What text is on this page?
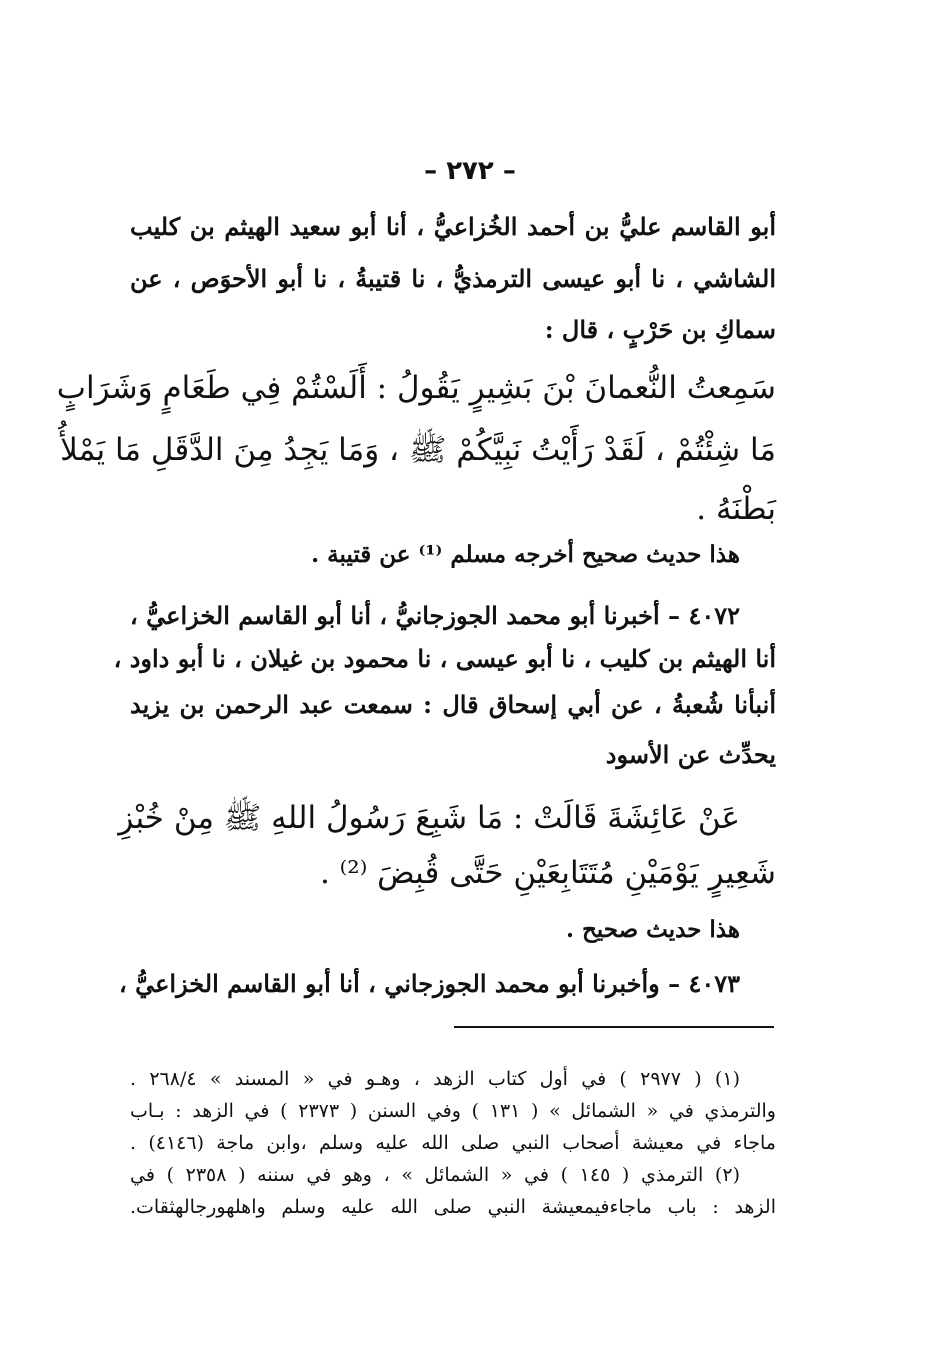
– ٢٧٢ –
أبو القاسم عليُّ بن أحمد الخُزاعيُّ ، أنا أبو سعيد الهيثم بن كليب
الشاشي ، نا أبو عيسى الترمذيُّ ، نا قتيبةُ ، نا أبو الأحوَص ، عن
سماكِ بن حَرْبٍ ، قال :
سَمِعتُ النُّعمانَ بْنَ بَشِيرٍ يَقُولُ : أَلَسْتُمْ فِي طَعَامٍ وَشَرَابٍ
مَا شِئْتُمْ ، لَقَدْ رَأَيْتُ نَبِيَّكُمْ ﷺ ، وَمَا يَجِدُ مِنَ الدَّقَلِ مَا يَمْلأُ
بَطْنَهُ .
هذا حديث صحيح أخرجه مسلم ⁽¹⁾ عن قتيبة .
٤٠٧٢ – أخبرنا أبو محمد الجوزجانيُّ ، أنا أبو القاسم الخزاعيُّ ،
أنا الهيثم بن كليب ، نا أبو عيسى ، نا محمود بن غيلان ، نا أبو داود ،
أنبأنا شُعبةُ ، عن أبي إسحاق قال : سمعت عبد الرحمن بن يزيد
يحدِّث عن الأسود
عَنْ عَائِشَةَ قَالَتْ : مَا شَبِعَ رَسُولُ اللهِ ﷺ مِنْ خُبْزِ
شَعِيرٍ يَوْمَيْنِ مُتَتَابِعَيْنِ حَتَّى قُبِضَ ⁽²⁾ .
هذا حديث صحيح .
٤٠٧٣ – وأخبرنا أبو محمد الجوزجاني ، أنا أبو القاسم الخزاعيُّ ،
(١) ( ٢٩٧٧ ) في أول كتاب الزهد ، وهـو في « المسند » ٢٦٨/٤ .
والترمذي في « الشمائل » ( ١٣١ ) وفي السنن ( ٢٣٧٣ ) في الزهد : بـاب
ماجاء في معيشة أصحاب النبي صلى الله عليه وسلم ،وابن ماجة (٤١٤٦) .
(٢) الترمذي ( ١٤٥ ) في « الشمائل » ، وهو في سننه ( ٢٣٥٨ ) في
الزهد : باب ماجاءفيمعيشة النبي صلى الله عليه وسلم واهلهورجالهثقات.
